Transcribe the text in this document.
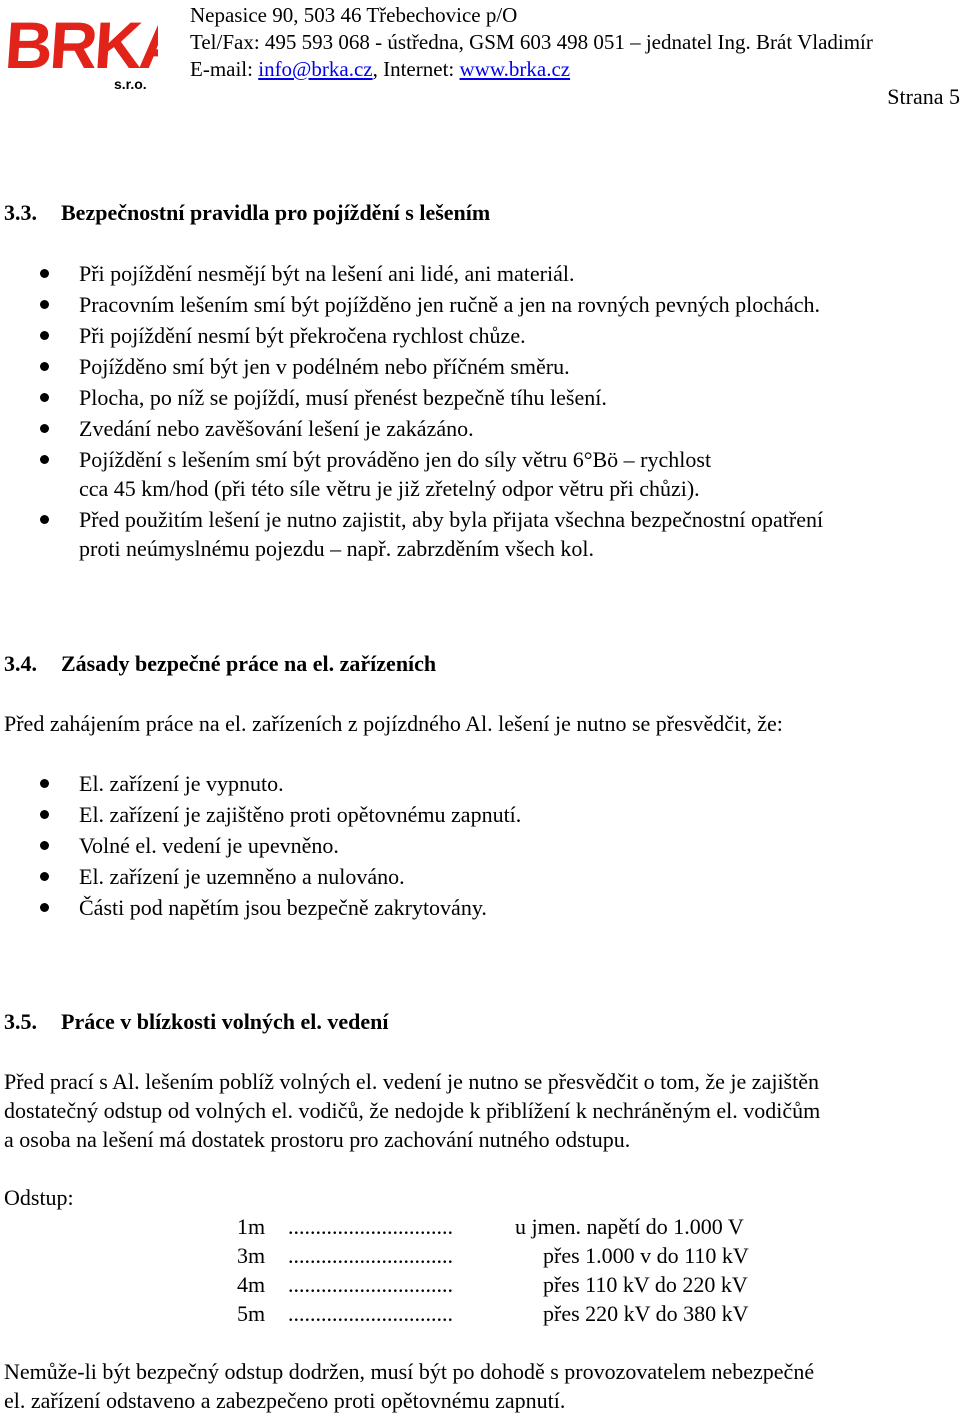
BRKA
s.r.o.
Nepasice 90, 503 46 Třebechovice p/O
Tel/Fax: 495 593 068 - ústředna, GSM 603 498 051 – jednatel Ing. Brát Vladimír
E-mail: info@brka.cz, Internet: www.brka.cz
Strana 5
3.3. Bezpečnostní pravidla pro pojíždění s lešením
Při pojíždění nesmějí být na lešení ani lidé, ani materiál.
Pracovním lešením smí být pojížděno jen ručně a jen na rovných pevných plochách.
Při pojíždění nesmí být překročena rychlost chůze.
Pojížděno smí být jen v podélném nebo příčném směru.
Plocha, po níž se pojíždí, musí přenést bezpečně tíhu lešení.
Zvedání nebo zavěšování lešení je zakázáno.
Pojíždění s lešením smí být prováděno jen do síly větru 6°Bö – rychlost
cca 45 km/hod (při této síle větru je již zřetelný odpor větru při chůzi).
Před použitím lešení je nutno zajistit, aby byla přijata všechna bezpečnostní opatření
proti neúmyslnému pojezdu – např. zabrzděním všech kol.
3.4. Zásady bezpečné práce na el. zařízeních
Před zahájením práce na el. zařízeních z pojízdného Al. lešení je nutno se přesvědčit, že:
El. zařízení je vypnuto.
El. zařízení je zajištěno proti opětovnému zapnutí.
Volné el. vedení je upevněno.
El. zařízení je uzemněno a nulováno.
Části pod napětím jsou bezpečně zakrytovány.
3.5. Práce v blízkosti volných el. vedení
Před prací s Al. lešením poblíž volných el. vedení je nutno se přesvědčit o tom, že je zajištěn
dostatečný odstup od volných el. vodičů, že nedojde k přiblížení k nechráněným el. vodičům
a osoba na lešení má dostatek prostoru pro zachování nutného odstupu.
Odstup:
1m ..............................	u jmen. napětí do 1.000 V
3m ..............................	přes 1.000 v do 110 kV
4m ..............................	přes 110 kV do 220 kV
5m ..............................	přes 220 kV do 380 kV
Nemůže-li být bezpečný odstup dodržen, musí být po dohodě s provozovatelem nebezpečné
el. zařízení odstaveno a zabezpečeno proti opětovnému zapnutí.
